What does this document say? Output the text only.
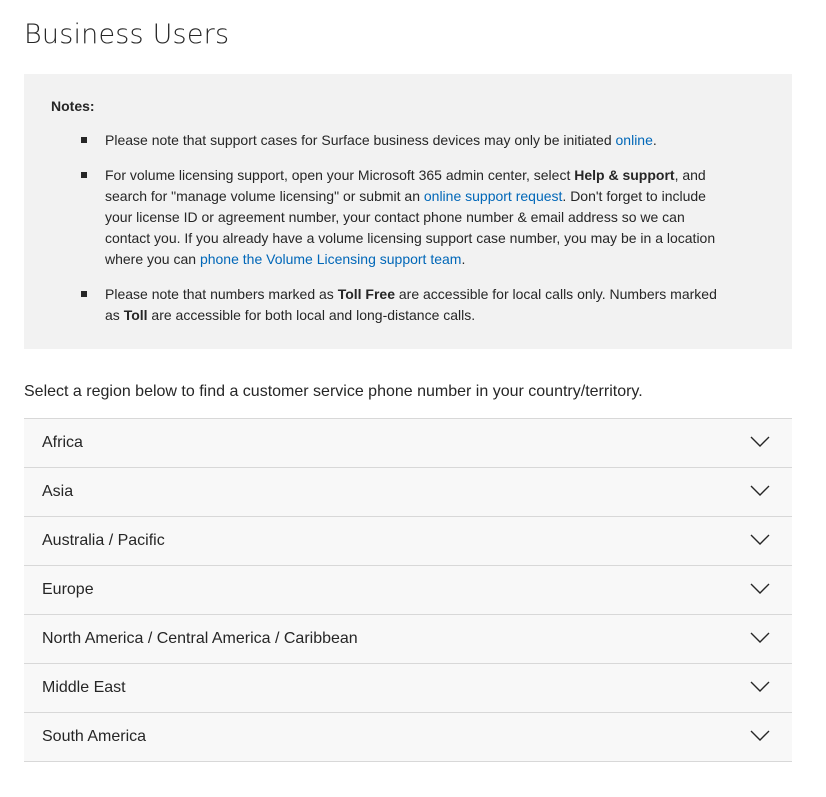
Business Users
Notes:
Please note that support cases for Surface business devices may only be initiated online.
For volume licensing support, open your Microsoft 365 admin center, select Help & support, and search for "manage volume licensing" or submit an online support request. Don't forget to include your license ID or agreement number, your contact phone number & email address so we can contact you. If you already have a volume licensing support case number, you may be in a location where you can phone the Volume Licensing support team.
Please note that numbers marked as Toll Free are accessible for local calls only. Numbers marked as Toll are accessible for both local and long-distance calls.

Select a region below to find a customer service phone number in your country/territory.

Africa
Asia
Australia / Pacific
Europe
North America / Central America / Caribbean
Middle East
South America
